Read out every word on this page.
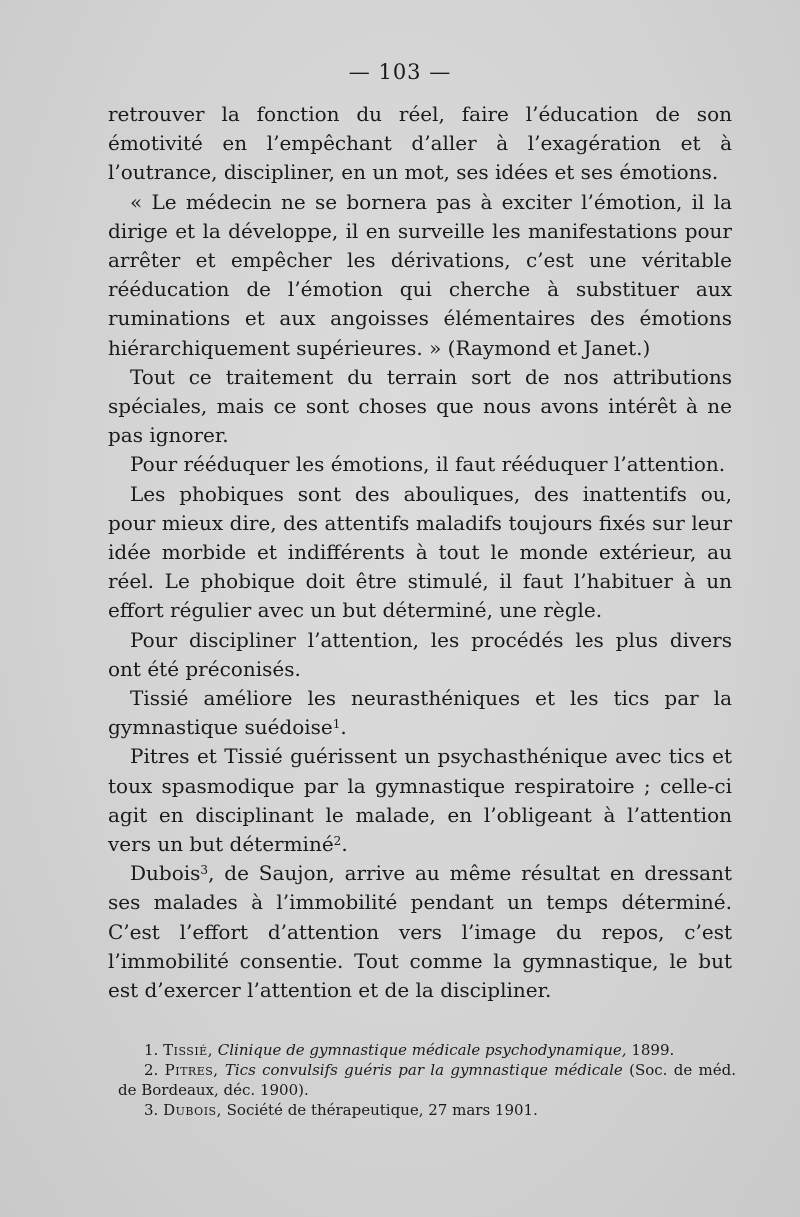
— 103 —

retrouver la fonction du réel, faire l’éducation de son émotivité en l’empêchant d’aller à l’exagération et à l’outrance, discipliner, en un mot, ses idées et ses émotions.

« Le médecin ne se bornera pas à exciter l’émotion, il la dirige et la développe, il en surveille les manifestations pour arrêter et empêcher les dérivations, c’est une véritable rééducation de l’émotion qui cherche à substituer aux ruminations et aux angoisses élémentaires des émotions hiérarchiquement supérieures. » (Raymond et Janet.)

Tout ce traitement du terrain sort de nos attributions spéciales, mais ce sont choses que nous avons intérêt à ne pas ignorer.

Pour rééduquer les émotions, il faut rééduquer l’attention.

Les phobiques sont des abouliques, des inattentifs ou, pour mieux dire, des attentifs maladifs toujours fixés sur leur idée morbide et indifférents à tout le monde extérieur, au réel. Le phobique doit être stimulé, il faut l’habituer à un effort régulier avec un but déterminé, une règle.

Pour discipliner l’attention, les procédés les plus divers ont été préconisés.

Tissié améliore les neurasthéniques et les tics par la gymnastique suédoise$^1$.

Pitres et Tissié guérissent un psychasthénique avec tics et toux spasmodique par la gymnastique respiratoire ; celle-ci agit en disciplinant le malade, en l’obligeant à l’attention vers un but déterminé$^2$.

Dubois$^3$, de Saujon, arrive au même résultat en dressant ses malades à l’immobilité pendant un temps déterminé. C’est l’effort d’attention vers l’image du repos, c’est l’immobilité consentie. Tout comme la gymnastique, le but est d’exercer l’attention et de la discipliner.

1. Tissié, Clinique de gymnastique médicale psychodynamique, 1899.

2. Pitres, Tics convulsifs guéris par la gymnastique médicale (Soc. de méd. de Bordeaux, déc. 1900).

3. Dubois, Société de thérapeutique, 27 mars 1901.
